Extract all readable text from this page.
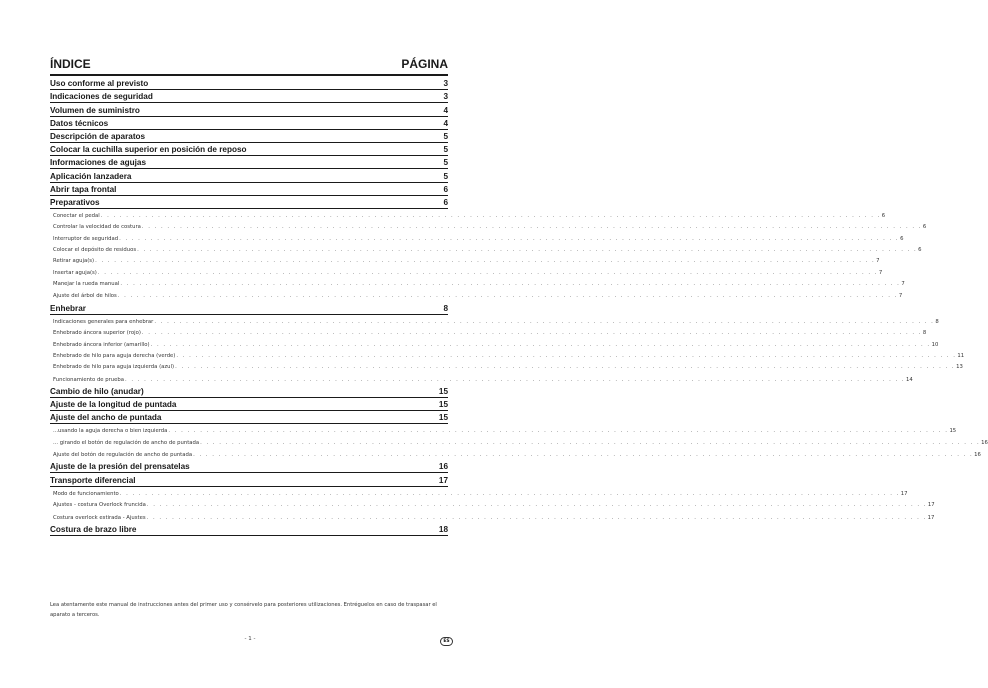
ÍNDICE	PÁGINA
Uso conforme al previsto	3
Indicaciones de seguridad	3
Volumen de suministro	4
Datos técnicos	4
Descripción de aparatos	5
Colocar la cuchilla superior en posición de reposo	5
Informaciones de agujas	5
Aplicación lanzadera	5
Abrir tapa frontal	6
Preparativos	6
Conectar el pedal . . . . . . . . . . . . . . . . . . . . . . . . . . . . . . . . . . . . . . . . . . . . . . . . . . . . . . . . . . . . . . . . . . . . . . . . . . . . . . . . . . . . . . . . . . . . . . . . . . . . . . . . . . . . . . . . . . . . . . . . . . . 6
Controlar la velocidad de costura . . . . . . . . . . . . . . . . . . . . . . . . . . . . . . . . . . . . . . . . . . . . . . . . . . . . . . . . . . . . . . . . . . . . . . . . . . . . . . . . . . . . . . . . . . . . . . . . . . . . . . . . . . . . . . . . . . . . . . . . . . . 6
Interruptor de seguridad . . . . . . . . . . . . . . . . . . . . . . . . . . . . . . . . . . . . . . . . . . . . . . . . . . . . . . . . . . . . . . . . . . . . . . . . . . . . . . . . . . . . . . . . . . . . . . . . . . . . . . . . . . . . . . . . . . . . . . . . . . . 6
Colocar el depósito de residuos . . . . . . . . . . . . . . . . . . . . . . . . . . . . . . . . . . . . . . . . . . . . . . . . . . . . . . . . . . . . . . . . . . . . . . . . . . . . . . . . . . . . . . . . . . . . . . . . . . . . . . . . . . . . . . . . . . . . . . . . . . . 6
Retirar aguja(s) . . . . . . . . . . . . . . . . . . . . . . . . . . . . . . . . . . . . . . . . . . . . . . . . . . . . . . . . . . . . . . . . . . . . . . . . . . . . . . . . . . . . . . . . . . . . . . . . . . . . . . . . . . . . . . . . . . . . . . . . . . . 7
Insertar aguja(s) . . . . . . . . . . . . . . . . . . . . . . . . . . . . . . . . . . . . . . . . . . . . . . . . . . . . . . . . . . . . . . . . . . . . . . . . . . . . . . . . . . . . . . . . . . . . . . . . . . . . . . . . . . . . . . . . . . . . . . . . . . . 7
Manejar la rueda manual . . . . . . . . . . . . . . . . . . . . . . . . . . . . . . . . . . . . . . . . . . . . . . . . . . . . . . . . . . . . . . . . . . . . . . . . . . . . . . . . . . . . . . . . . . . . . . . . . . . . . . . . . . . . . . . . . . . . . . . . . . . 7
Ajuste del árbol de hilos . . . . . . . . . . . . . . . . . . . . . . . . . . . . . . . . . . . . . . . . . . . . . . . . . . . . . . . . . . . . . . . . . . . . . . . . . . . . . . . . . . . . . . . . . . . . . . . . . . . . . . . . . . . . . . . . . . . . . . . . . . . 7
Enhebrar	8
Indicaciones generales para enhebrar . . . . . . . . . . . . . . . . . . . . . . . . . . . . . . . . . . . . . . . . . . . . . . . . . . . . . . . . . . . . . . . . . . . . . . . . . . . . . . . . . . . . . . . . . . . . . . . . . . . . . . . . . . . . . . . . . . . . . . . . . . . 8
Enhebrado áncora superior (rojo) . . . . . . . . . . . . . . . . . . . . . . . . . . . . . . . . . . . . . . . . . . . . . . . . . . . . . . . . . . . . . . . . . . . . . . . . . . . . . . . . . . . . . . . . . . . . . . . . . . . . . . . . . . . . . . . . . . . . . . . . . . . 8
Enhebrado áncora inferior (amarillo) . . . . . . . . . . . . . . . . . . . . . . . . . . . . . . . . . . . . . . . . . . . . . . . . . . . . . . . . . . . . . . . . . . . . . . . . . . . . . . . . . . . . . . . . . . . . . . . . . . . . . . . . . . . . . . . . . . . . . . . . . . . 10
Enhebrado de hilo para aguja derecha (verde) . . . . . . . . . . . . . . . . . . . . . . . . . . . . . . . . . . . . . . . . . . . . . . . . . . . . . . . . . . . . . . . . . . . . . . . . . . . . . . . . . . . . . . . . . . . . . . . . . . . . . . . . . . . . . . . . . . . . . . . . . . . 11
Enhebrado de hilo para aguja izquierda (azul) . . . . . . . . . . . . . . . . . . . . . . . . . . . . . . . . . . . . . . . . . . . . . . . . . . . . . . . . . . . . . . . . . . . . . . . . . . . . . . . . . . . . . . . . . . . . . . . . . . . . . . . . . . . . . . . . . . . . . . . . . . . 13
Funcionamiento de prueba . . . . . . . . . . . . . . . . . . . . . . . . . . . . . . . . . . . . . . . . . . . . . . . . . . . . . . . . . . . . . . . . . . . . . . . . . . . . . . . . . . . . . . . . . . . . . . . . . . . . . . . . . . . . . . . . . . . . . . . . . . . 14
Cambio de hilo (anudar)	15
Ajuste de la longitud de puntada	15
Ajuste del ancho de puntada	15
...usando la aguja derecha o bien izquierda . . . . . . . . . . . . . . . . . . . . . . . . . . . . . . . . . . . . . . . . . . . . . . . . . . . . . . . . . . . . . . . . . . . . . . . . . . . . . . . . . . . . . . . . . . . . . . . . . . . . . . . . . . . . . . . . . . . . . . . . . . . 15
... girando el botón de regulación de ancho de puntada . . . . . . . . . . . . . . . . . . . . . . . . . . . . . . . . . . . . . . . . . . . . . . . . . . . . . . . . . . . . . . . . . . . . . . . . . . . . . . . . . . . . . . . . . . . . . . . . . . . . . . . . . . . . . . . . . . . . . . . . . . . 16
Ajuste del botón de regulación de ancho de puntada . . . . . . . . . . . . . . . . . . . . . . . . . . . . . . . . . . . . . . . . . . . . . . . . . . . . . . . . . . . . . . . . . . . . . . . . . . . . . . . . . . . . . . . . . . . . . . . . . . . . . . . . . . . . . . . . . . . . . . . . . . . 16
Ajuste de la presión del prensatelas	16
Transporte diferencial	17
Modo de funcionamiento . . . . . . . . . . . . . . . . . . . . . . . . . . . . . . . . . . . . . . . . . . . . . . . . . . . . . . . . . . . . . . . . . . . . . . . . . . . . . . . . . . . . . . . . . . . . . . . . . . . . . . . . . . . . . . . . . . . . . . . . . . . 17
Ajustes - costura Overlock fruncida . . . . . . . . . . . . . . . . . . . . . . . . . . . . . . . . . . . . . . . . . . . . . . . . . . . . . . . . . . . . . . . . . . . . . . . . . . . . . . . . . . . . . . . . . . . . . . . . . . . . . . . . . . . . . . . . . . . . . . . . . . . 17
Costura overlock estirada - Ajustes . . . . . . . . . . . . . . . . . . . . . . . . . . . . . . . . . . . . . . . . . . . . . . . . . . . . . . . . . . . . . . . . . . . . . . . . . . . . . . . . . . . . . . . . . . . . . . . . . . . . . . . . . . . . . . . . . . . . . . . . . . . 17
Costura de brazo libre	18
Lea atentamente este manual de instrucciones antes del primer uso y consérvelo para posteriores utilizaciones. Entréguelos en caso de traspasar el aparato a terceros.
- 1 -	ES
